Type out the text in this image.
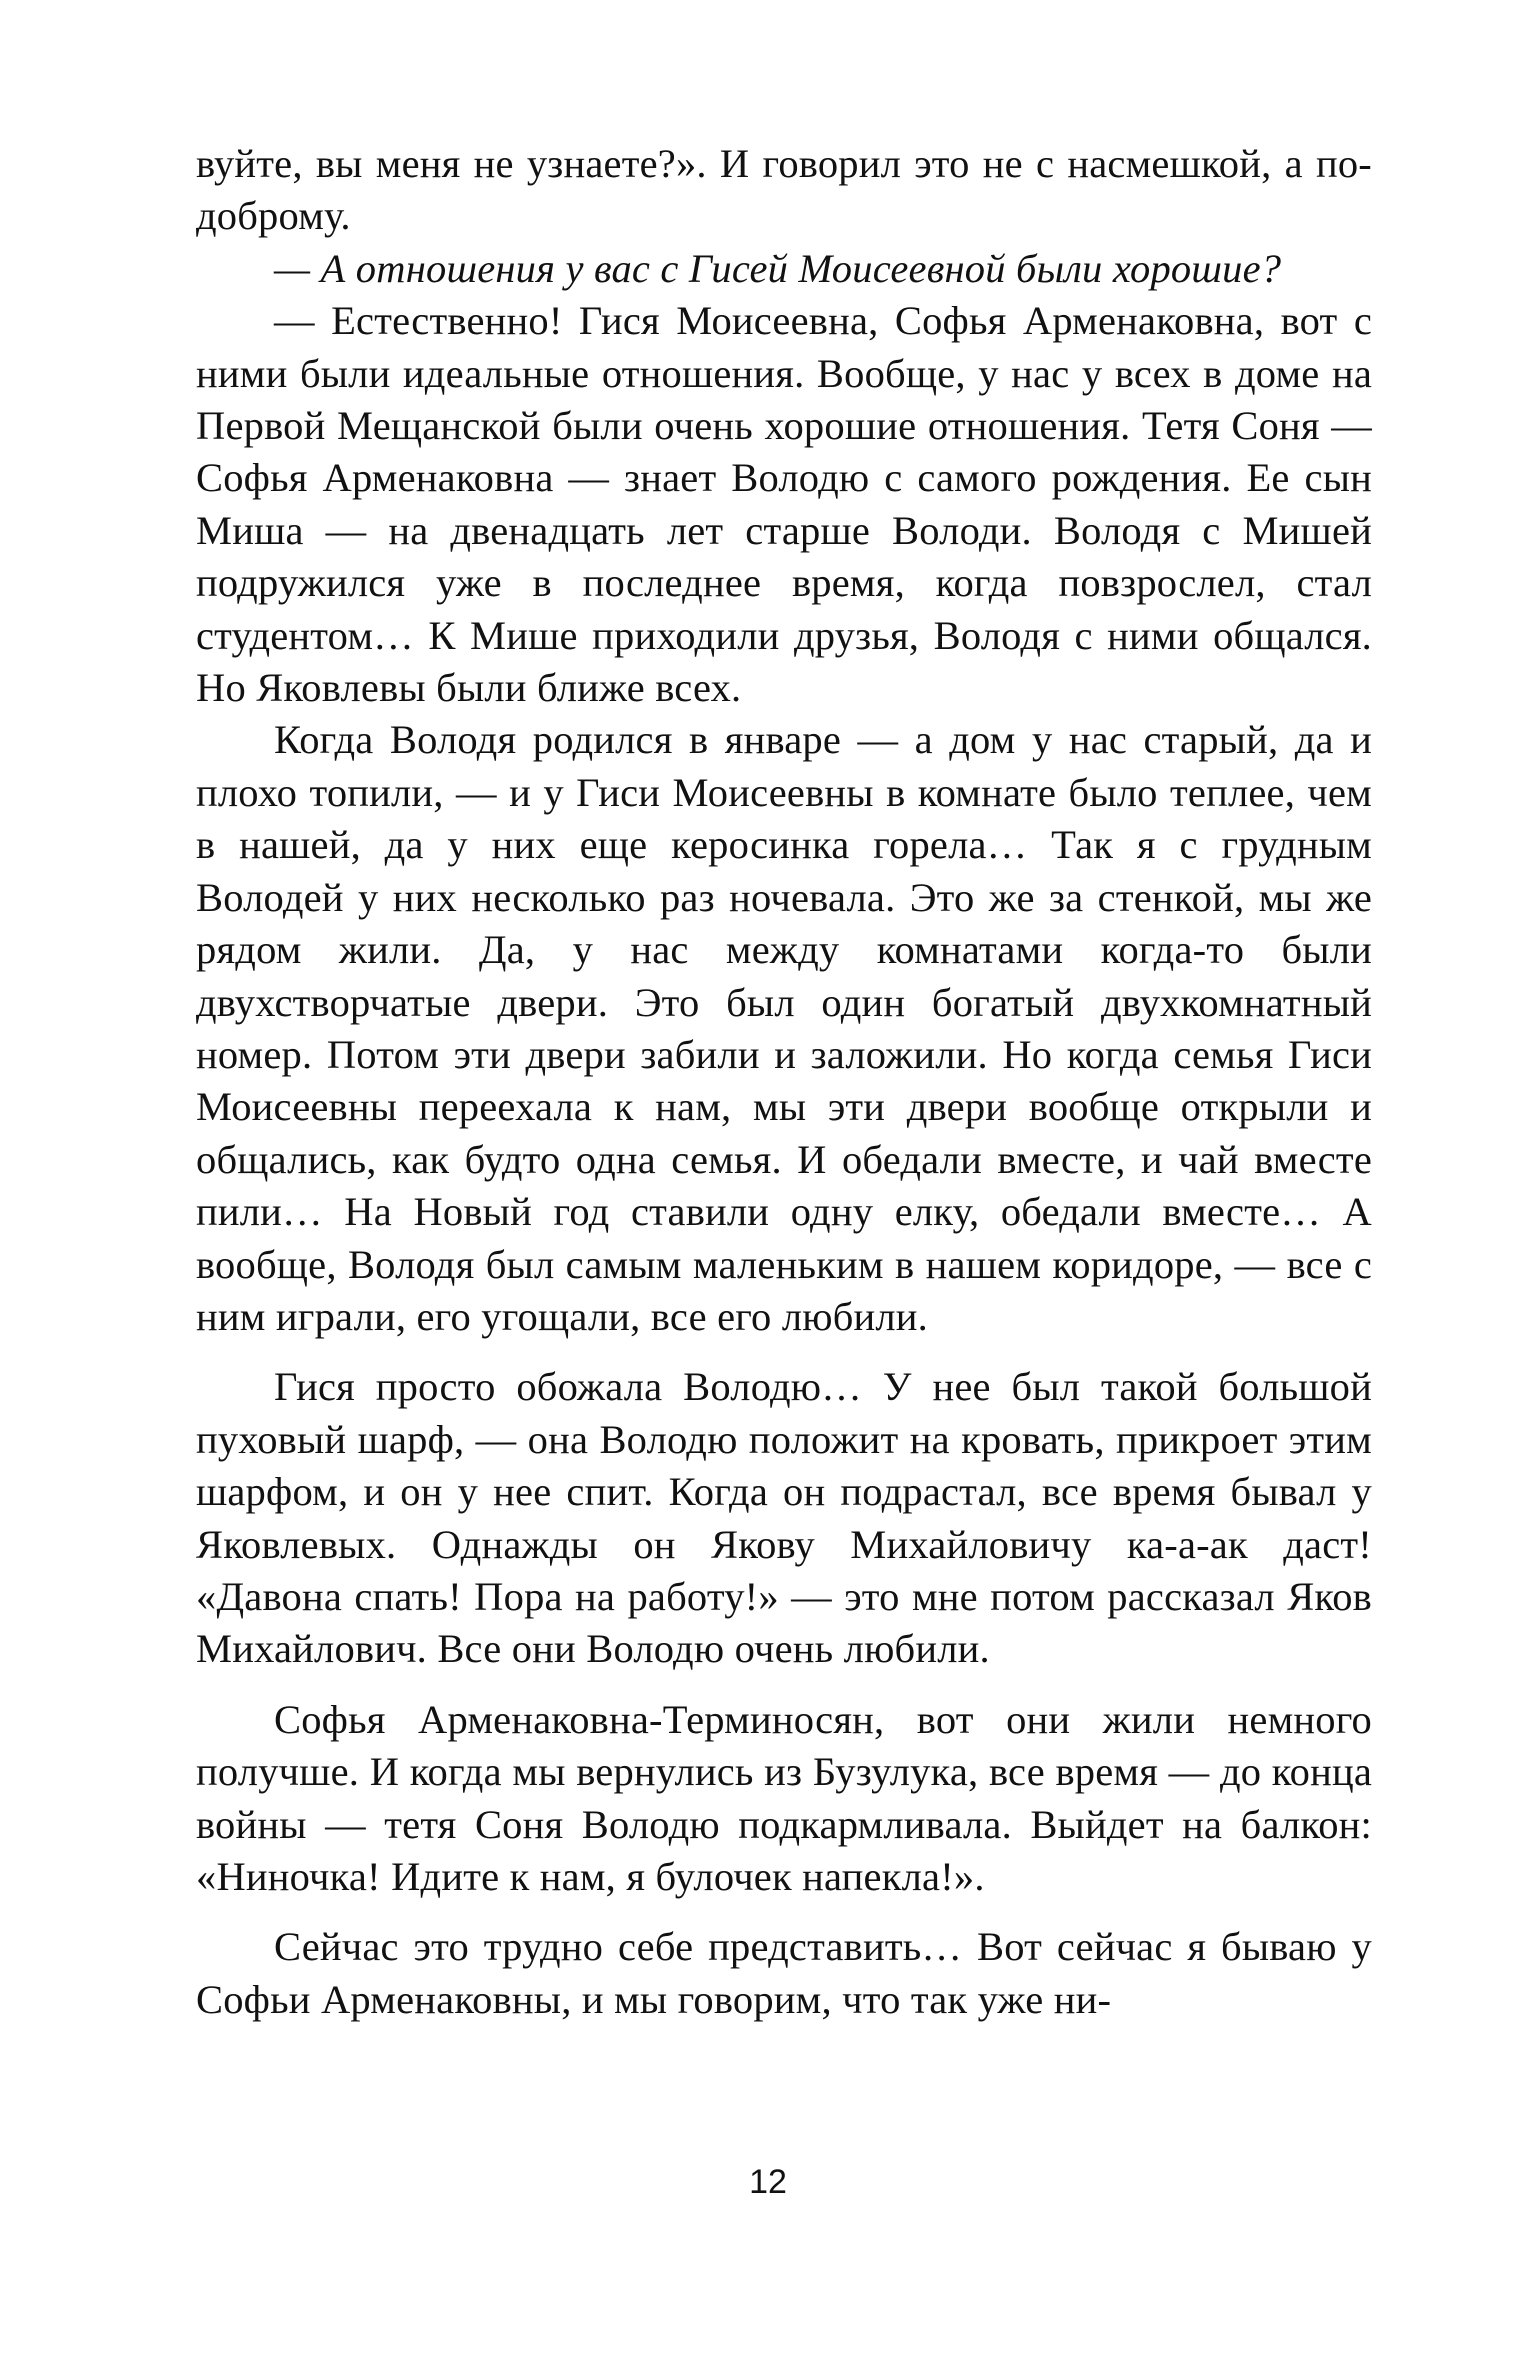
вуйте, вы меня не узнаете?». И говорил это не с насмешкой, а по-доброму.

— А отношения у вас с Гисей Моисеевной были хорошие?

— Естественно! Гися Моисеевна, Софья Арменаковна, вот с ними были идеальные отношения. Вообще, у нас у всех в доме на Первой Мещанской были очень хорошие отношения. Тетя Соня — Софья Арменаковна — знает Володю с самого рождения. Ее сын Миша — на двенадцать лет старше Володи. Володя с Мишей подружился уже в последнее время, когда повзрослел, стал студентом… К Мише приходили друзья, Володя с ними общался. Но Яковлевы были ближе всех.

Когда Володя родился в январе — а дом у нас старый, да и плохо топили, — и у Гиси Моисеевны в комнате было теплее, чем в нашей, да у них еще керосинка горела… Так я с грудным Володей у них несколько раз ночевала. Это же за стенкой, мы же рядом жили. Да, у нас между комнатами когда-то были двухстворчатые двери. Это был один богатый двухкомнатный номер. Потом эти двери забили и заложили. Но когда семья Гиси Моисеевны переехала к нам, мы эти двери вообще открыли и общались, как будто одна семья. И обедали вместе, и чай вместе пили… На Новый год ставили одну елку, обедали вместе… А вообще, Володя был самым маленьким в нашем коридоре, — все с ним играли, его угощали, все его любили.

Гися просто обожала Володю… У нее был такой большой пуховый шарф, — она Володю положит на кровать, прикроет этим шарфом, и он у нее спит. Когда он подрастал, все время бывал у Яковлевых. Однажды он Якову Михайловичу ка-а-ак даст! «Давона спать! Пора на работу!» — это мне потом рассказал Яков Михайлович. Все они Володю очень любили.

Софья Арменаковна-Терминосян, вот они жили немного получше. И когда мы вернулись из Бузулука, все время — до конца войны — тетя Соня Володю подкармливала. Выйдет на балкон: «Ниночка! Идите к нам, я булочек напекла!».

Сейчас это трудно себе представить… Вот сейчас я бываю у Софьи Арменаковны, и мы говорим, что так уже ни-

12
